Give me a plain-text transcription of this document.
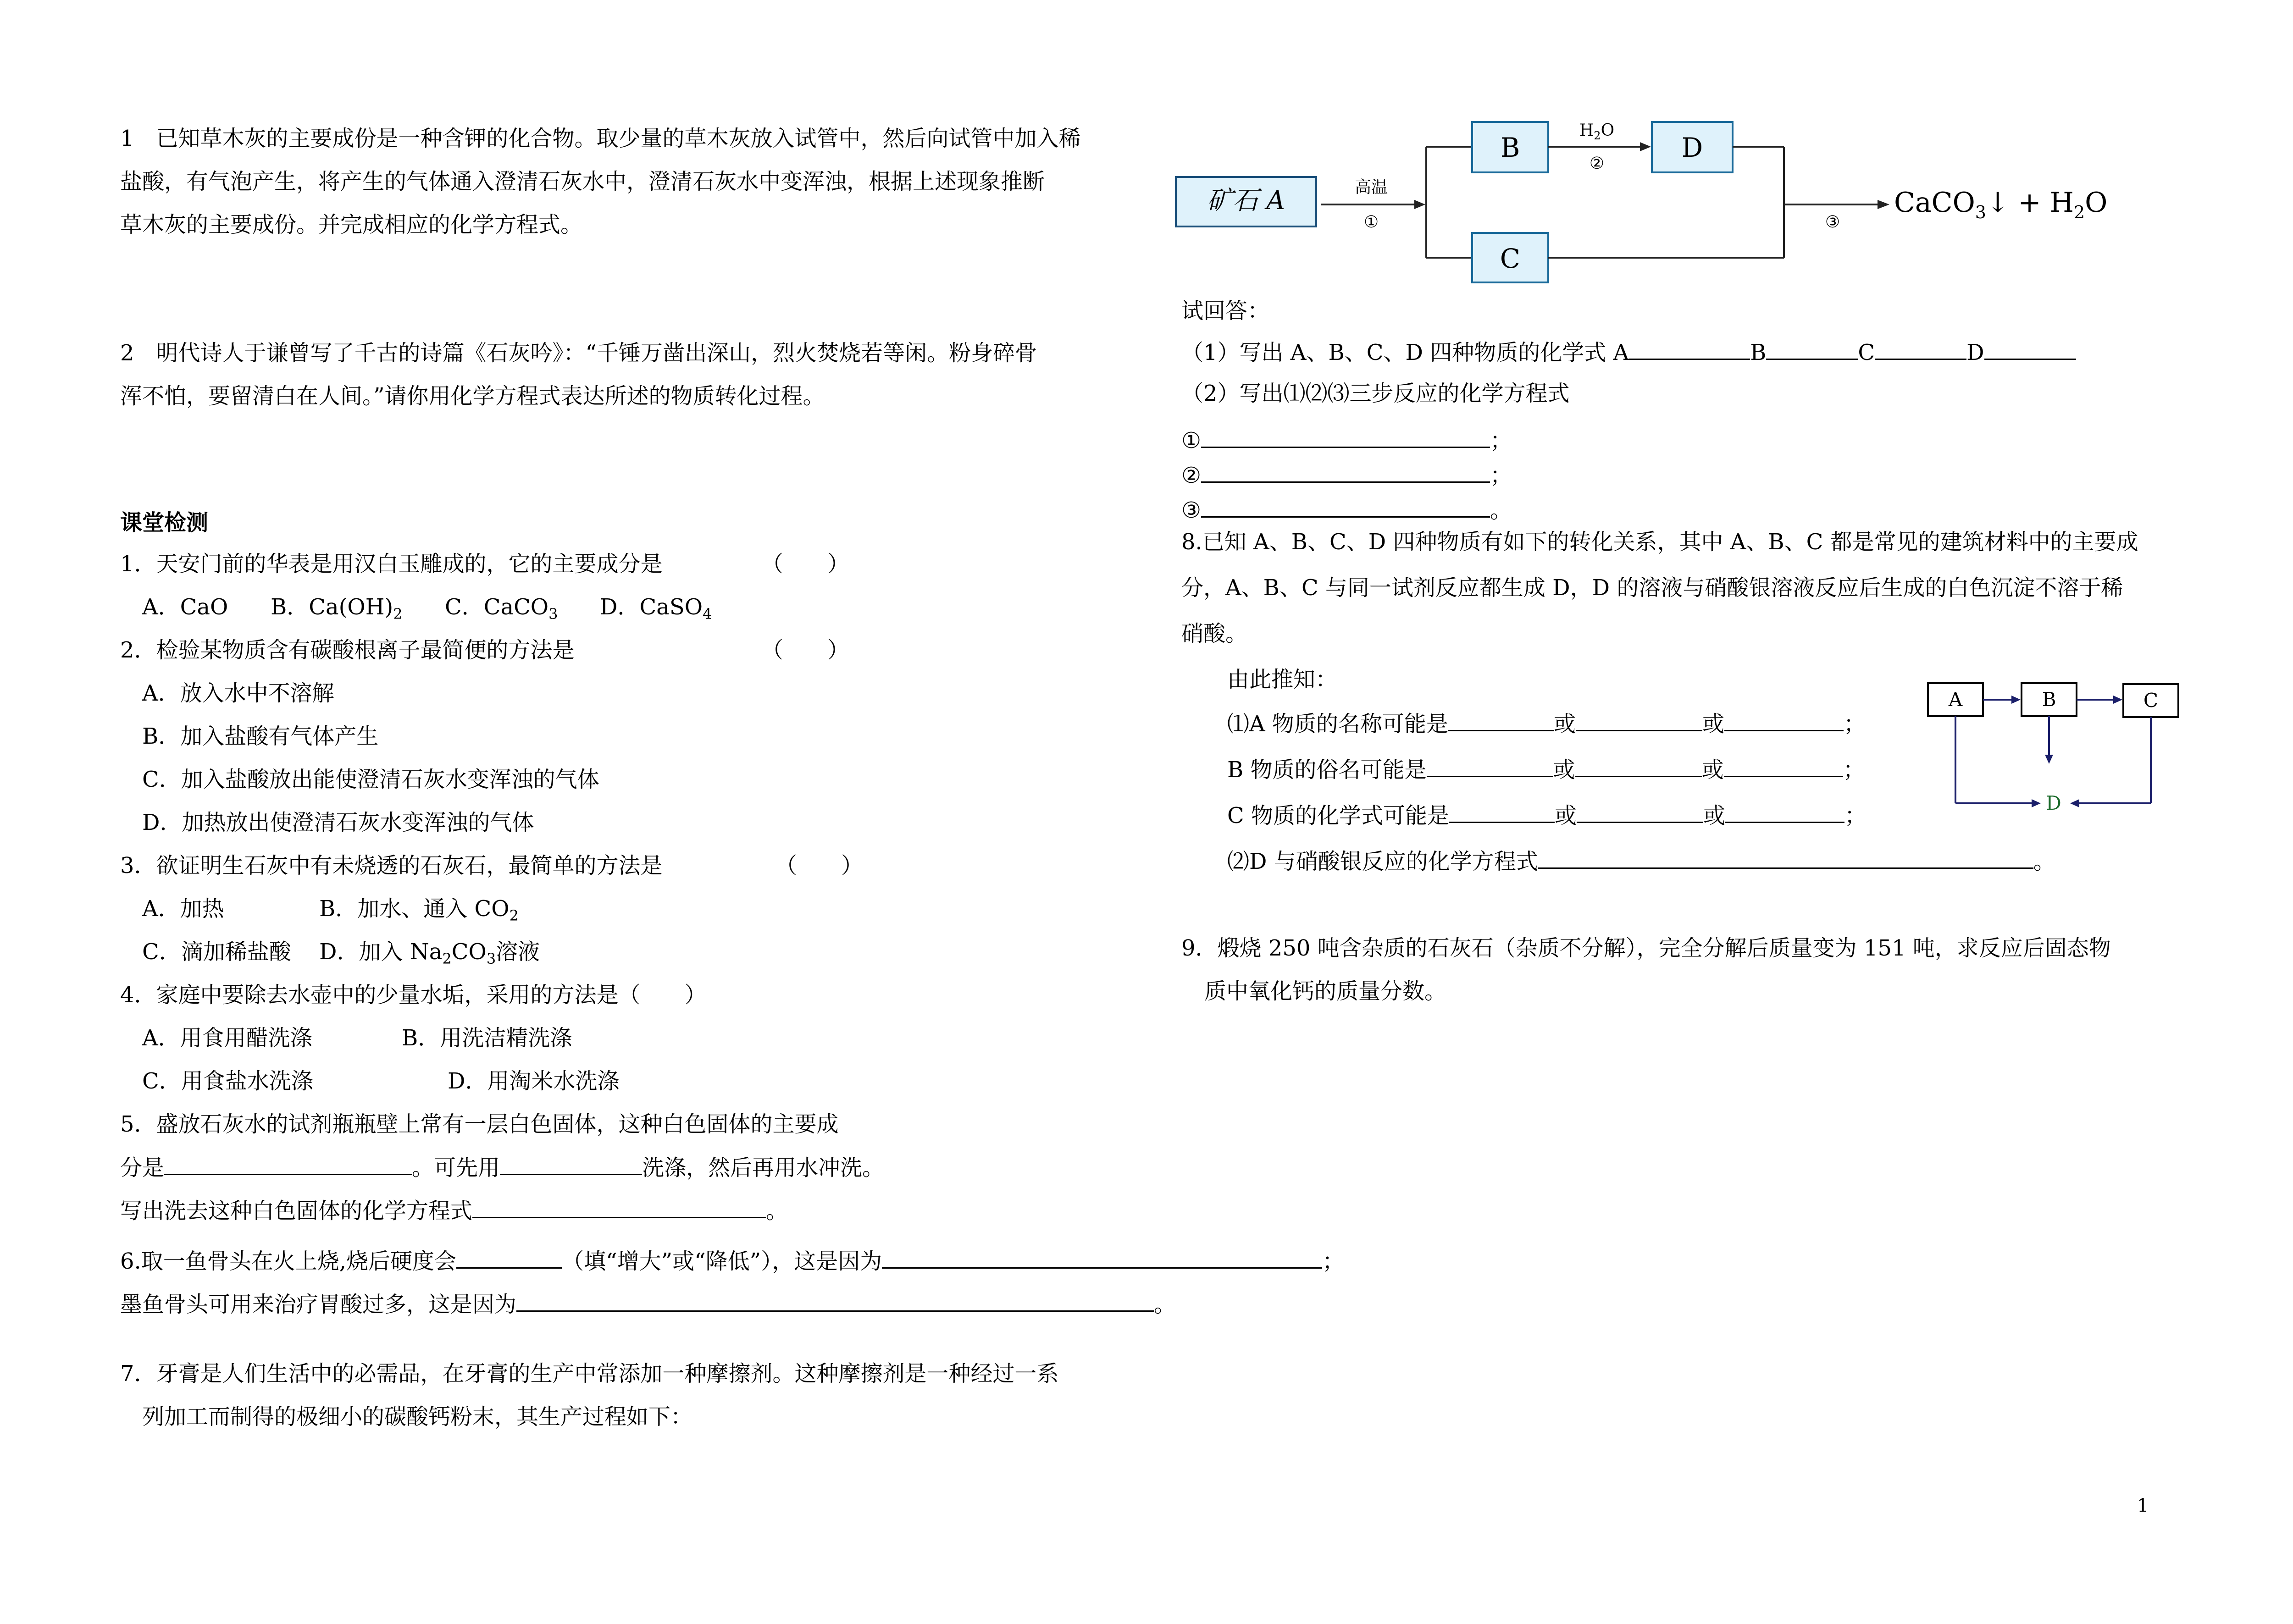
1　已知草木灰的主要成份是一种含钾的化合物。取少量的草木灰放入试管中，然后向试管中加入稀
盐酸，有气泡产生，将产生的气体通入澄清石灰水中，澄清石灰水中变浑浊，根据上述现象推断
草木灰的主要成份。并完成相应的化学方程式。
2　明代诗人于谦曾写了千古的诗篇《石灰吟》：“千锤万凿出深山，烈火焚烧若等闲。粉身碎骨
浑不怕，要留清白在人间。”请你用化学方程式表达所述的物质转化过程。
课堂检测
1．天安门前的华表是用汉白玉雕成的，它的主要成分是	（　　）
A．CaO B．$Ca(OH)_2$ C．CaCO$_3$ D．CaSO$_4$
2．检验某物质含有碳酸根离子最简便的方法是	（　　）
A．放入水中不溶解
B．加入盐酸有气体产生
C．加入盐酸放出能使澄清石灰水变浑浊的气体
D．加热放出使澄清石灰水变浑浊的气体
3．欲证明生石灰中有未烧透的石灰石，最简单的方法是	（　　）
A．加热	B．加水、通入 $CO_2$
C．滴加稀盐酸 D．加入 $Na_2CO_3$溶液
4．家庭中要除去水壶中的少量水垢，采用的方法是（　　）
A．用食用醋洗涤	B．用洗洁精洗涤
C．用食盐水洗涤	D．用淘米水洗涤
5．盛放石灰水的试剂瓶瓶壁上常有一层白色固体，这种白色固体的主要成
分是	。可先用	洗涤，然后再用水冲洗。
写出洗去这种白色固体的化学方程式	。
6.取一鱼骨头在火上烧,烧后硬度会	（填“增大”或“降低”），这是因为	；
墨鱼骨头可用来治疗胃酸过多，这是因为	。
7．牙膏是人们生活中的必需品，在牙膏的生产中常添加一种摩擦剂。这种摩擦剂是一种经过一系
列加工而制得的极细小的碳酸钙粉末，其生产过程如下：
矿石 A	高温
①
B
C
$H_2O$
②
D
③
CaCO$_3$↓ + $H_2O$
试回答：
（1）写出 A、B、C、D 四种物质的化学式 A	B	C	D
（2）写出⑴⑵⑶三步反应的化学方程式
①	；
②	；
③	。
8.已知 A、B、C、D 四种物质有如下的转化关系，其中 A、B、C 都是常见的建筑材料中的主要成
分，A、B、C 与同一试剂反应都生成 D，D 的溶液与硝酸银溶液反应后生成的白色沉淀不溶于稀
硝酸。
由此推知：
⑴A 物质的名称可能是	或	或	；
B 物质的俗名可能是	或	或	；
C 物质的化学式可能是	或	或	；
⑵D 与硝酸银反应的化学方程式	。
A	B	C
D
9．煅烧 250 吨含杂质的石灰石（杂质不分解），完全分解后质量变为 151 吨，求反应后固态物
质中氧化钙的质量分数。
1
